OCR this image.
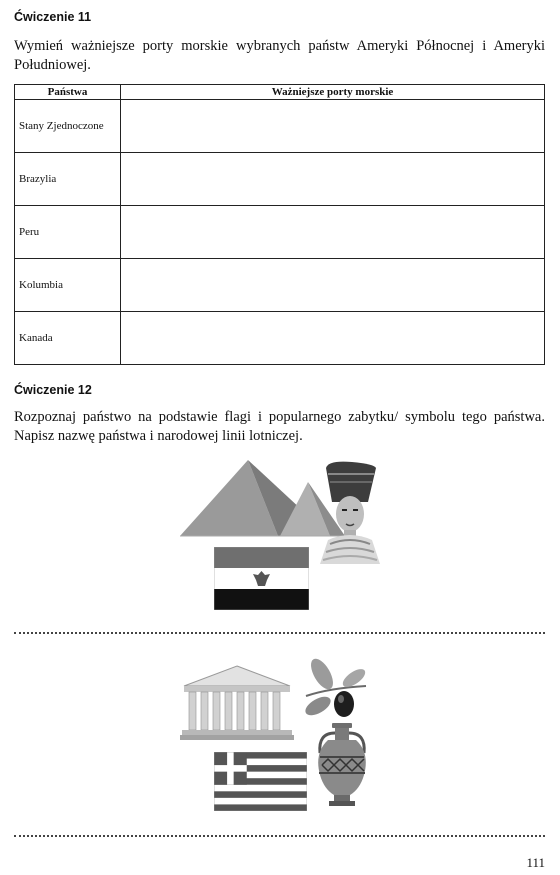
Ćwiczenie 11
Wymień ważniejsze porty morskie wybranych państw Ameryki Północnej i Ameryki Południowej.
Państwa	Ważniejsze porty morskie
Stany Zjednoczone	
Brazylia	
Peru	
Kolumbia	
Kanada	
Ćwiczenie 12
Rozpoznaj państwo na podstawie flagi i popularnego zabytku/ symbolu tego państwa. Napisz nazwę państwa i narodowej linii lotniczej.
111
